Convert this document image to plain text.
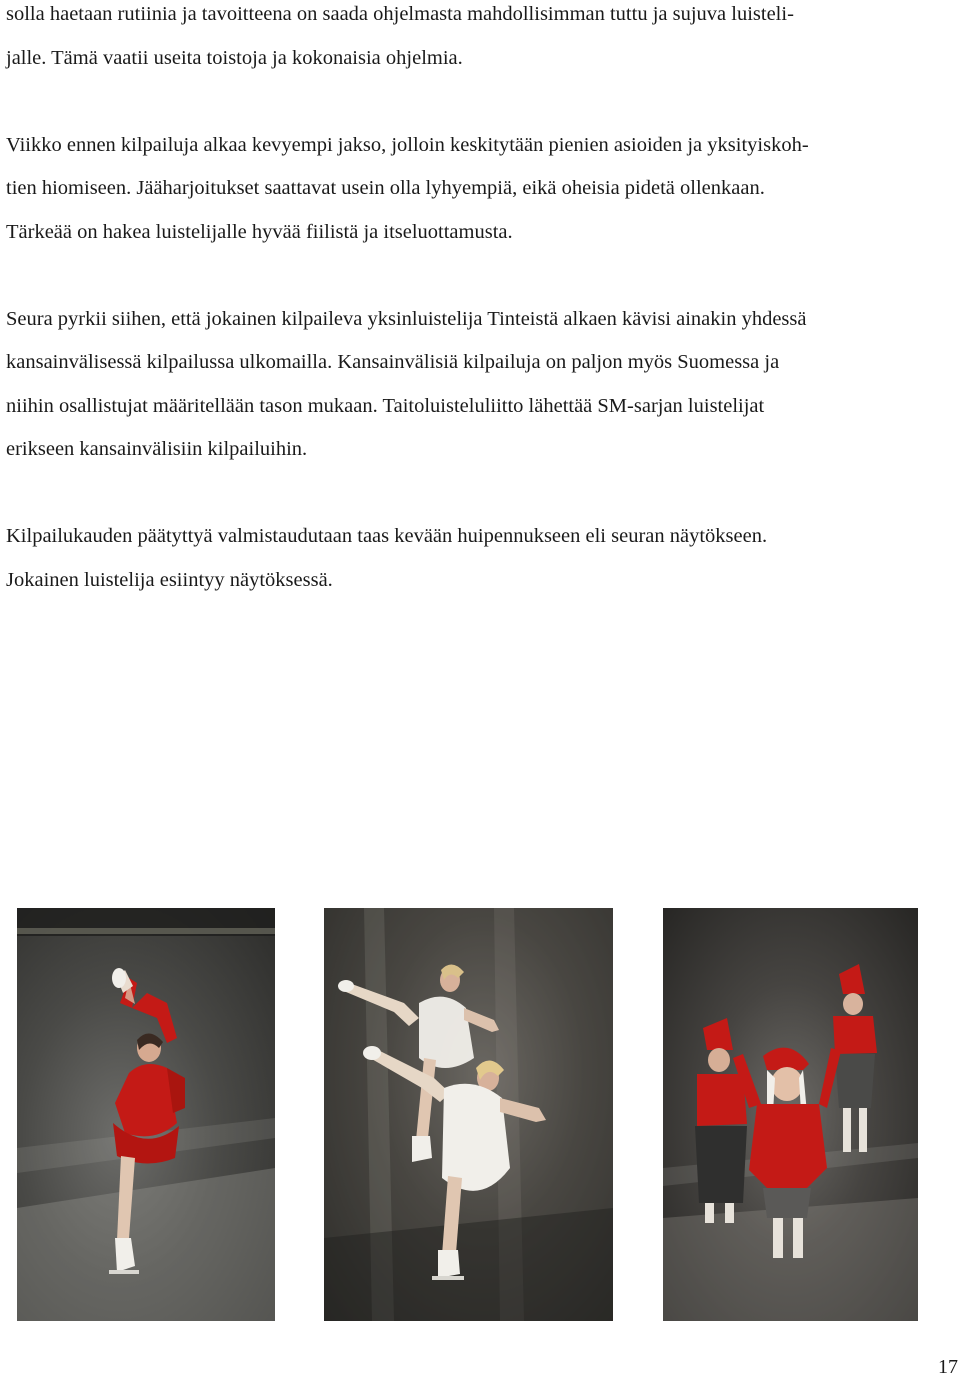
solla haetaan rutiinia ja tavoitteena on saada ohjelmasta mahdollisimman tuttu ja sujuva luisteli-
jalle. Tämä vaatii useita toistoja ja kokonaisia ohjelmia.

Viikko ennen kilpailuja alkaa kevyempi jakso, jolloin keskitytään pienien asioiden ja yksityiskoh-
tien hiomiseen. Jääharjoitukset saattavat usein olla lyhyempiä, eikä oheisia pidetä ollenkaan.
Tärkeää on hakea luistelijalle hyvää fiilistä ja itseluottamusta.

Seura pyrkii siihen, että jokainen kilpaileva yksinluistelija Tinteistä alkaen kävisi ainakin yhdessä
kansainvälisessä kilpailussa ulkomailla. Kansainvälisiä kilpailuja on paljon myös Suomessa ja
niihin osallistujat määritellään tason mukaan. Taitoluisteluliitto lähettää SM-sarjan luistelijat
erikseen kansainvälisiin kilpailuihin.

Kilpailukauden päätyttyä valmistaudutaan taas kevään huipennukseen eli seuran näytökseen.
Jokainen luistelija esiintyy näytöksessä.

17
